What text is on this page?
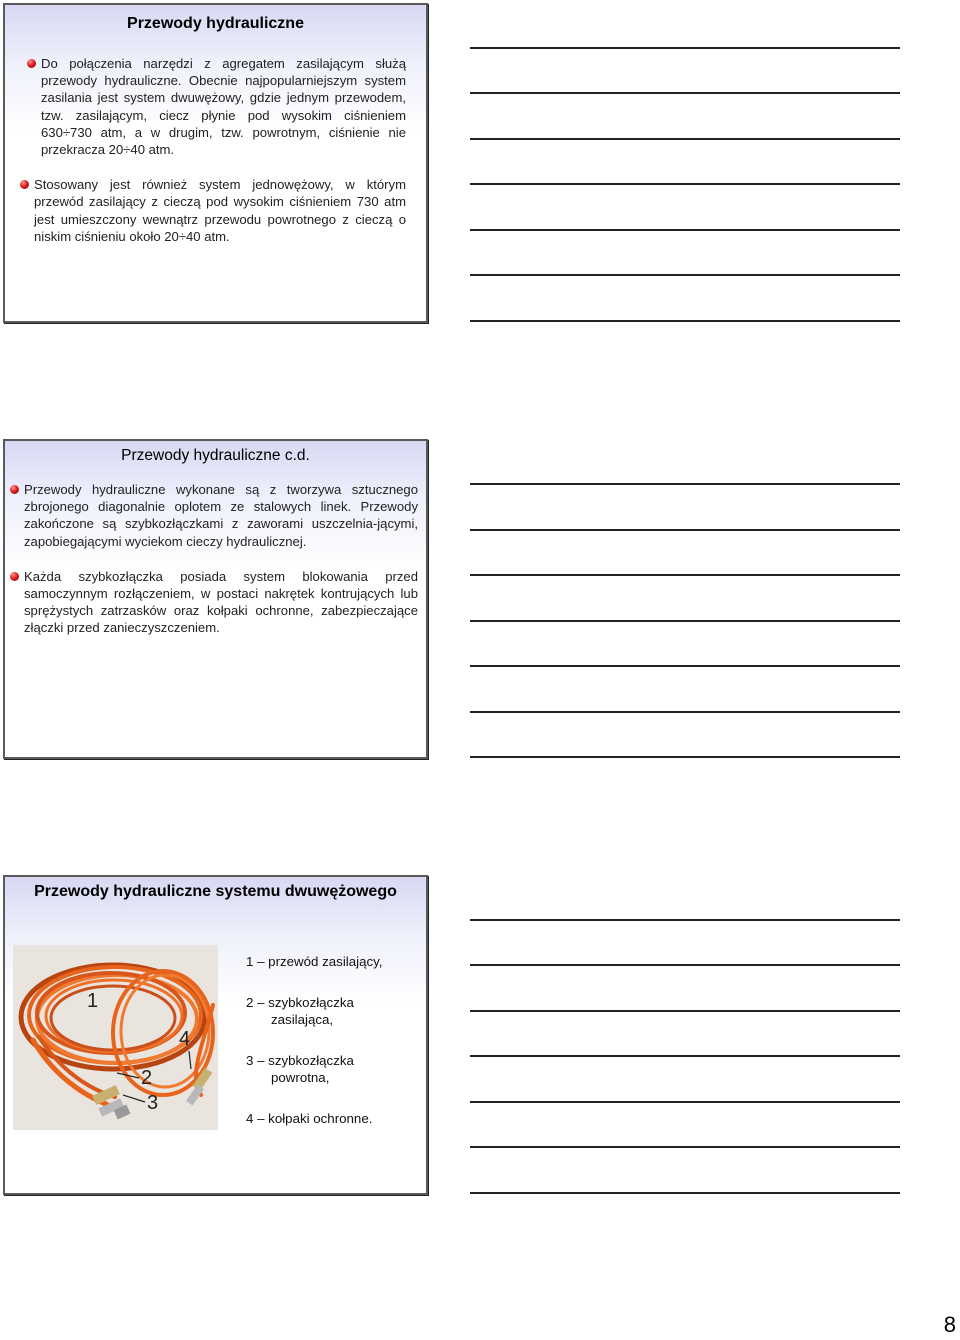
Przewody hydrauliczne
Do połączenia narzędzi z agregatem zasilającym służą przewody hydrauliczne. Obecnie najpopularniejszym system zasilania jest system dwuwężowy, gdzie jednym przewodem, tzw. zasilającym, ciecz płynie pod wysokim ciśnieniem 630÷730 atm, a w drugim, tzw. powrotnym, ciśnienie nie przekracza 20÷40 atm.
Stosowany jest również system jednowężowy, w którym przewód zasilający z cieczą pod wysokim ciśnieniem 730 atm jest umieszczony wewnątrz przewodu powrotnego z cieczą o niskim ciśnieniu około 20÷40 atm.
Przewody hydrauliczne c.d.
Przewody hydrauliczne wykonane są z tworzywa sztucznego zbrojonego diagonalnie oplotem ze stalowych linek. Przewody zakończone są szybkozłączkami z zaworami uszczelnia-jącymi, zapobiegającymi wyciekom cieczy hydraulicznej.
Każda szybkozłączka posiada system blokowania przed samoczynnym rozłączeniem, w postaci nakrętek kontrujących lub sprężystych zatrzasków oraz kołpaki ochronne, zabezpieczające złączki przed zanieczyszczeniem.
Przewody hydrauliczne systemu dwuwężowego
1
2
3
4
1 – przewód zasilający,
2 – szybkozłączka
zasilająca,
3 – szybkozłączka
powrotna,
4 – kołpaki ochronne.
8
